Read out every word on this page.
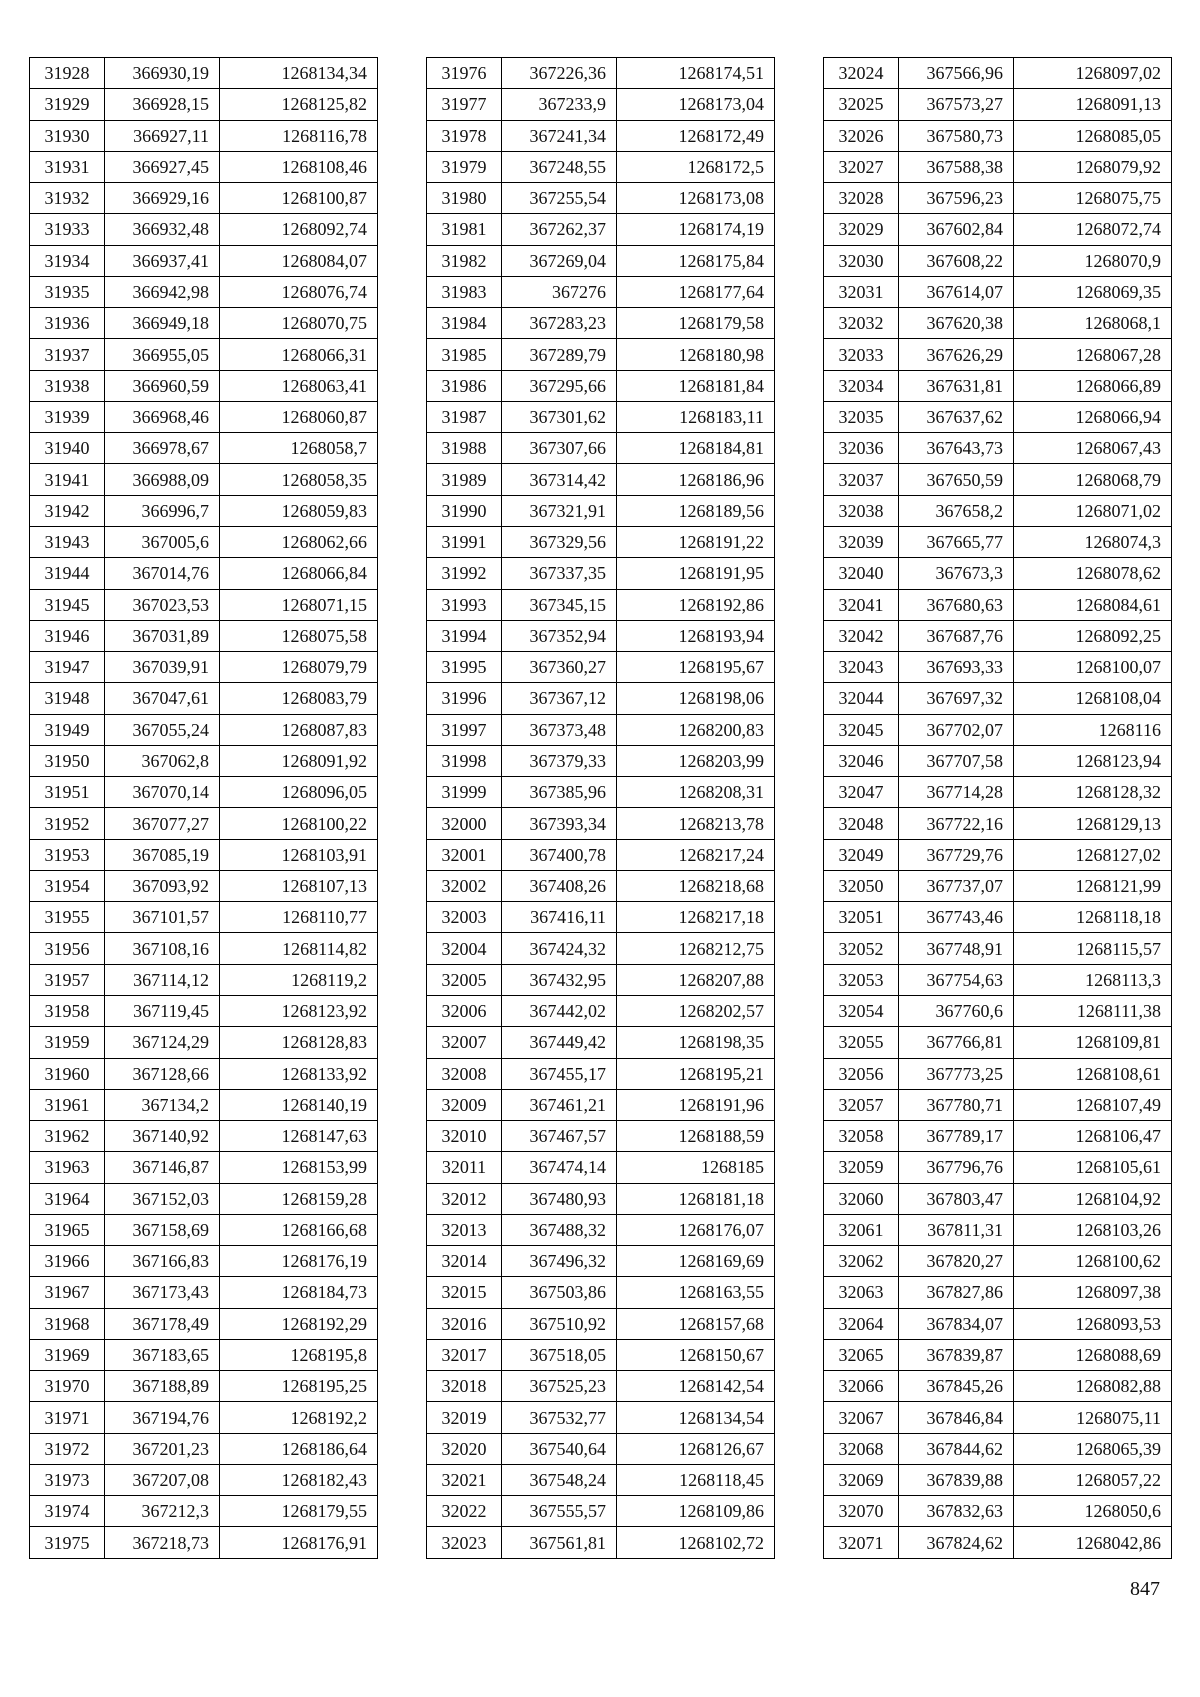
31928	366930,19	1268134,34
31929	366928,15	1268125,82
31930	366927,11	1268116,78
31931	366927,45	1268108,46
31932	366929,16	1268100,87
31933	366932,48	1268092,74
31934	366937,41	1268084,07
31935	366942,98	1268076,74
31936	366949,18	1268070,75
31937	366955,05	1268066,31
31938	366960,59	1268063,41
31939	366968,46	1268060,87
31940	366978,67	1268058,7
31941	366988,09	1268058,35
31942	366996,7	1268059,83
31943	367005,6	1268062,66
31944	367014,76	1268066,84
31945	367023,53	1268071,15
31946	367031,89	1268075,58
31947	367039,91	1268079,79
31948	367047,61	1268083,79
31949	367055,24	1268087,83
31950	367062,8	1268091,92
31951	367070,14	1268096,05
31952	367077,27	1268100,22
31953	367085,19	1268103,91
31954	367093,92	1268107,13
31955	367101,57	1268110,77
31956	367108,16	1268114,82
31957	367114,12	1268119,2
31958	367119,45	1268123,92
31959	367124,29	1268128,83
31960	367128,66	1268133,92
31961	367134,2	1268140,19
31962	367140,92	1268147,63
31963	367146,87	1268153,99
31964	367152,03	1268159,28
31965	367158,69	1268166,68
31966	367166,83	1268176,19
31967	367173,43	1268184,73
31968	367178,49	1268192,29
31969	367183,65	1268195,8
31970	367188,89	1268195,25
31971	367194,76	1268192,2
31972	367201,23	1268186,64
31973	367207,08	1268182,43
31974	367212,3	1268179,55
31975	367218,73	1268176,91
31976	367226,36	1268174,51
31977	367233,9	1268173,04
31978	367241,34	1268172,49
31979	367248,55	1268172,5
31980	367255,54	1268173,08
31981	367262,37	1268174,19
31982	367269,04	1268175,84
31983	367276	1268177,64
31984	367283,23	1268179,58
31985	367289,79	1268180,98
31986	367295,66	1268181,84
31987	367301,62	1268183,11
31988	367307,66	1268184,81
31989	367314,42	1268186,96
31990	367321,91	1268189,56
31991	367329,56	1268191,22
31992	367337,35	1268191,95
31993	367345,15	1268192,86
31994	367352,94	1268193,94
31995	367360,27	1268195,67
31996	367367,12	1268198,06
31997	367373,48	1268200,83
31998	367379,33	1268203,99
31999	367385,96	1268208,31
32000	367393,34	1268213,78
32001	367400,78	1268217,24
32002	367408,26	1268218,68
32003	367416,11	1268217,18
32004	367424,32	1268212,75
32005	367432,95	1268207,88
32006	367442,02	1268202,57
32007	367449,42	1268198,35
32008	367455,17	1268195,21
32009	367461,21	1268191,96
32010	367467,57	1268188,59
32011	367474,14	1268185
32012	367480,93	1268181,18
32013	367488,32	1268176,07
32014	367496,32	1268169,69
32015	367503,86	1268163,55
32016	367510,92	1268157,68
32017	367518,05	1268150,67
32018	367525,23	1268142,54
32019	367532,77	1268134,54
32020	367540,64	1268126,67
32021	367548,24	1268118,45
32022	367555,57	1268109,86
32023	367561,81	1268102,72
32024	367566,96	1268097,02
32025	367573,27	1268091,13
32026	367580,73	1268085,05
32027	367588,38	1268079,92
32028	367596,23	1268075,75
32029	367602,84	1268072,74
32030	367608,22	1268070,9
32031	367614,07	1268069,35
32032	367620,38	1268068,1
32033	367626,29	1268067,28
32034	367631,81	1268066,89
32035	367637,62	1268066,94
32036	367643,73	1268067,43
32037	367650,59	1268068,79
32038	367658,2	1268071,02
32039	367665,77	1268074,3
32040	367673,3	1268078,62
32041	367680,63	1268084,61
32042	367687,76	1268092,25
32043	367693,33	1268100,07
32044	367697,32	1268108,04
32045	367702,07	1268116
32046	367707,58	1268123,94
32047	367714,28	1268128,32
32048	367722,16	1268129,13
32049	367729,76	1268127,02
32050	367737,07	1268121,99
32051	367743,46	1268118,18
32052	367748,91	1268115,57
32053	367754,63	1268113,3
32054	367760,6	1268111,38
32055	367766,81	1268109,81
32056	367773,25	1268108,61
32057	367780,71	1268107,49
32058	367789,17	1268106,47
32059	367796,76	1268105,61
32060	367803,47	1268104,92
32061	367811,31	1268103,26
32062	367820,27	1268100,62
32063	367827,86	1268097,38
32064	367834,07	1268093,53
32065	367839,87	1268088,69
32066	367845,26	1268082,88
32067	367846,84	1268075,11
32068	367844,62	1268065,39
32069	367839,88	1268057,22
32070	367832,63	1268050,6
32071	367824,62	1268042,86
847
